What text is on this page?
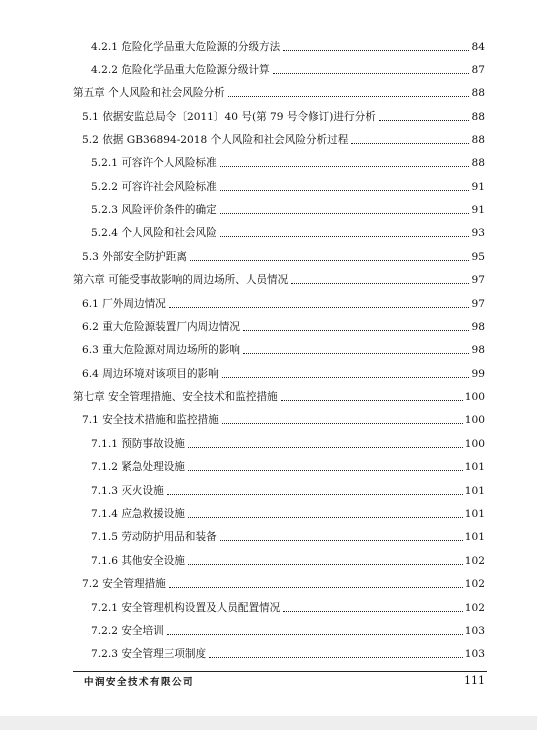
4.2.1 危险化学品重大危险源的分级方法	84
4.2.2 危险化学品重大危险源分级计算	87
第五章 个人风险和社会风险分析	88
5.1 依据安监总局令〔2011〕40 号(第 79 号令修订)进行分析	88
5.2 依据 GB36894-2018 个人风险和社会风险分析过程	88
5.2.1 可容许个人风险标准	88
5.2.2 可容许社会风险标准	91
5.2.3 风险评价条件的确定	91
5.2.4 个人风险和社会风险	93
5.3 外部安全防护距离	95
第六章 可能受事故影响的周边场所、人员情况	97
6.1 厂外周边情况	97
6.2 重大危险源装置厂内周边情况	98
6.3 重大危险源对周边场所的影响	98
6.4 周边环境对该项目的影响	99
第七章 安全管理措施、安全技术和监控措施	100
7.1 安全技术措施和监控措施	100
7.1.1 预防事故设施	100
7.1.2 紧急处理设施	101
7.1.3 灭火设施	101
7.1.4 应急救援设施	101
7.1.5 劳动防护用品和装备	101
7.1.6 其他安全设施	102
7.2 安全管理措施	102
7.2.1 安全管理机构设置及人员配置情况	102
7.2.2 安全培训	103
7.2.3 安全管理三项制度	103
中润安全技术有限公司	111
